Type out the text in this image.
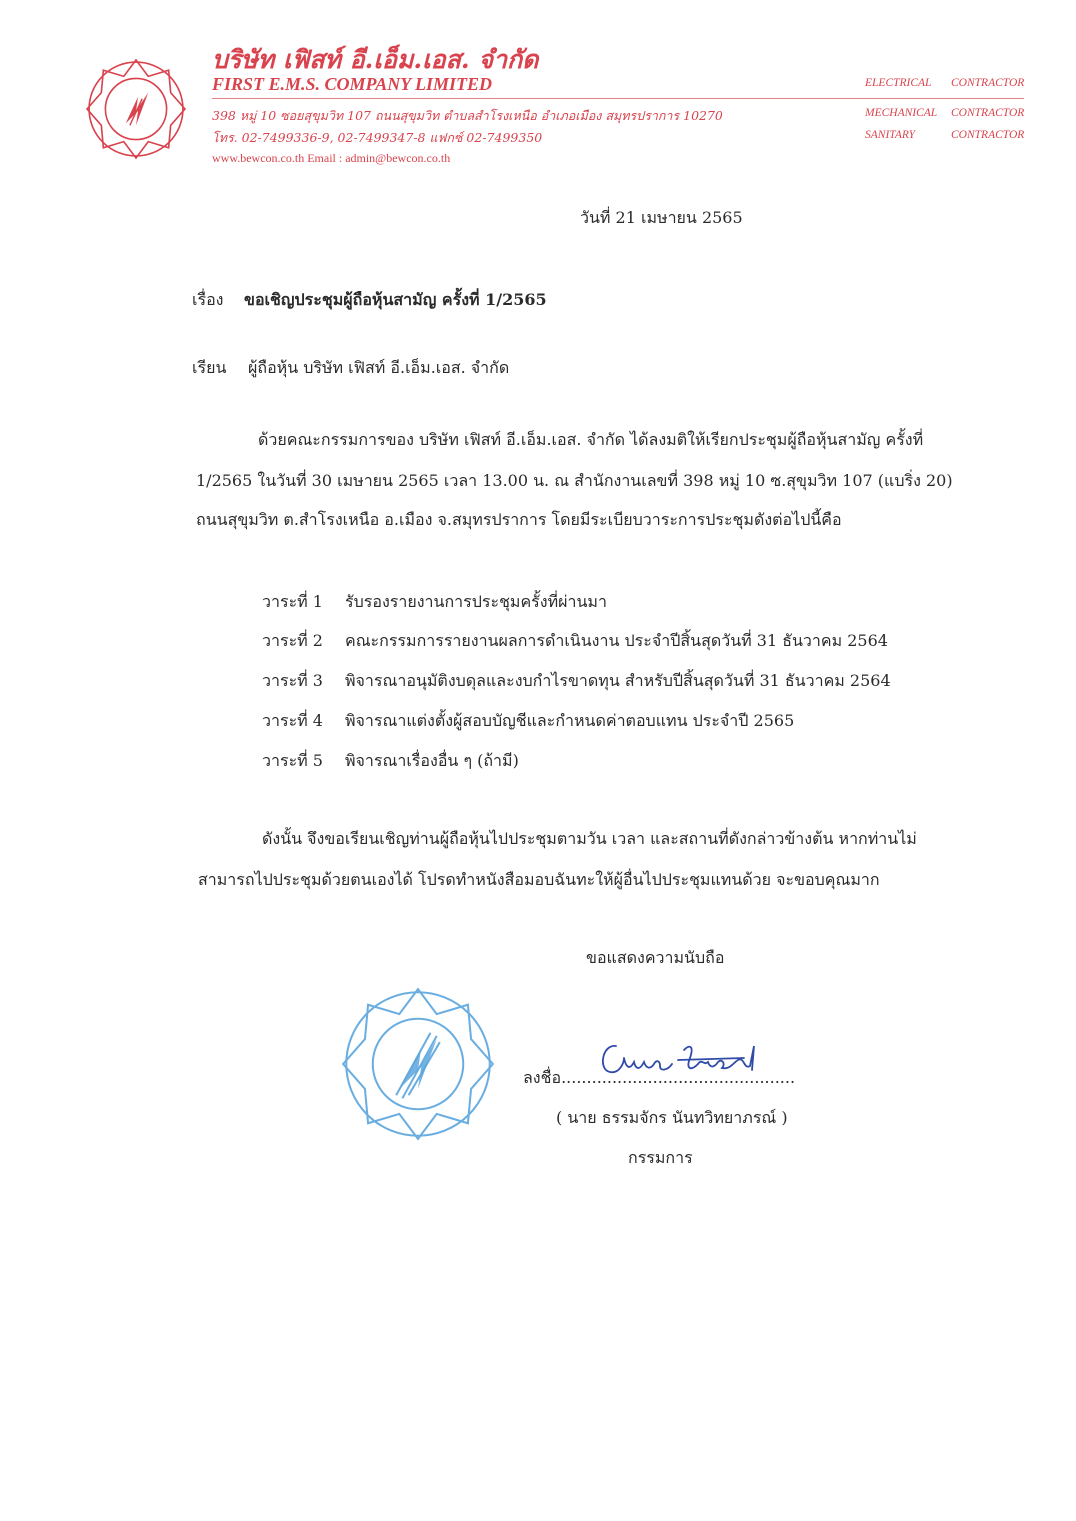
บริษัท เฟิสท์ อี.เอ็ม.เอส. จำกัด
FIRST E.M.S. COMPANY LIMITED
398 หมู่ 10 ซอยสุขุมวิท 107 ถนนสุขุมวิท ตำบลสำโรงเหนือ อำเภอเมือง สมุทรปราการ 10270
โทร. 02-7499336-9, 02-7499347-8 แฟกซ์ 02-7499350
www.bewcon.co.th Email : admin@bewcon.co.th
ELECTRICAL CONTRACTOR
MECHANICAL CONTRACTOR
SANITARY	CONTRACTOR
วันที่ 21 เมษายน 2565
เรื่อง ขอเชิญประชุมผู้ถือหุ้นสามัญ ครั้งที่ 1/2565
เรียน ผู้ถือหุ้น บริษัท เฟิสท์ อี.เอ็ม.เอส. จำกัด
ด้วยคณะกรรมการของ บริษัท เฟิสท์ อี.เอ็ม.เอส. จำกัด ได้ลงมติให้เรียกประชุมผู้ถือหุ้นสามัญ ครั้งที่
1/2565 ในวันที่ 30 เมษายน 2565 เวลา 13.00 น. ณ สำนักงานเลขที่ 398 หมู่ 10 ซ.สุขุมวิท 107 (แบริ่ง 20)
ถนนสุขุมวิท ต.สำโรงเหนือ อ.เมือง จ.สมุทรปราการ โดยมีระเบียบวาระการประชุมดังต่อไปนี้คือ
วาระที่ 1 รับรองรายงานการประชุมครั้งที่ผ่านมา
วาระที่ 2 คณะกรรมการรายงานผลการดำเนินงาน ประจำปีสิ้นสุดวันที่ 31 ธันวาคม 2564
วาระที่ 3 พิจารณาอนุมัติงบดุลและงบกำไรขาดทุน สำหรับปีสิ้นสุดวันที่ 31 ธันวาคม 2564
วาระที่ 4 พิจารณาแต่งตั้งผู้สอบบัญชีและกำหนดค่าตอบแทน ประจำปี 2565
วาระที่ 5 พิจารณาเรื่องอื่น ๆ (ถ้ามี)
ดังนั้น จึงขอเรียนเชิญท่านผู้ถือหุ้นไปประชุมตามวัน เวลา และสถานที่ดังกล่าวข้างต้น หากท่านไม่
สามารถไปประชุมด้วยตนเองได้ โปรดทำหนังสือมอบฉันทะให้ผู้อื่นไปประชุมแทนด้วย จะขอบคุณมาก
ขอแสดงความนับถือ
ลงชื่อ..............................................
( นาย ธรรมจักร นันทวิทยาภรณ์ )
กรรมการ
